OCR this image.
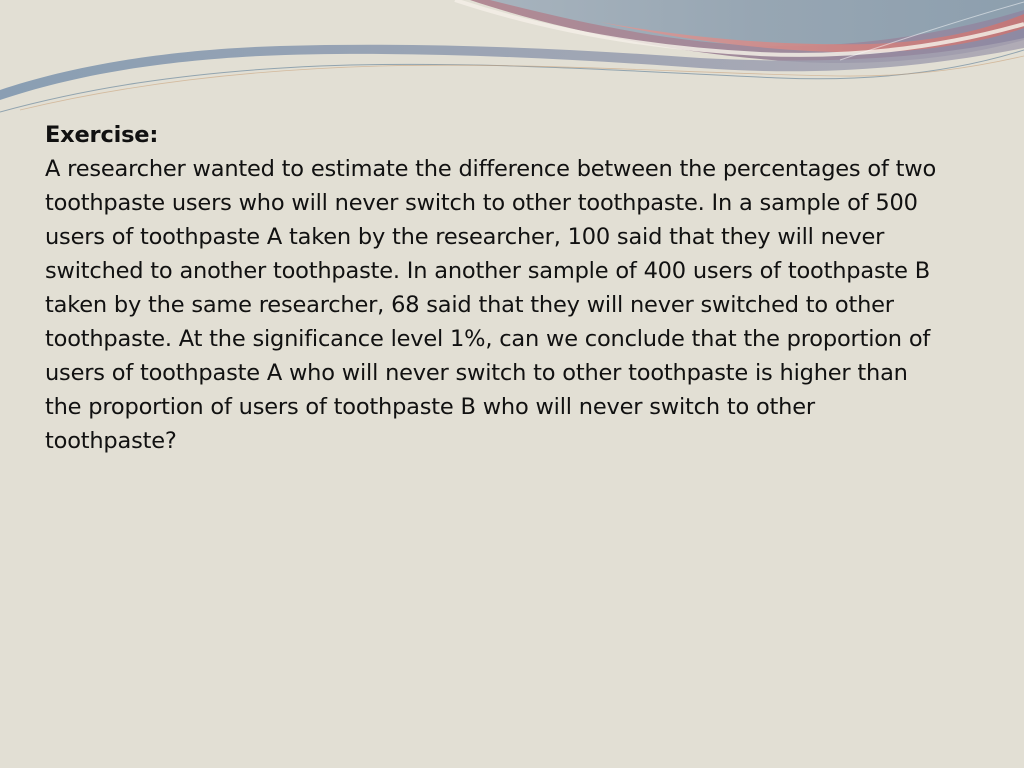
Exercise:
A researcher wanted to estimate the difference between the percentages of two toothpaste users who will never switch to other toothpaste. In a sample of 500 users of toothpaste A taken by the researcher, 100 said that they will never switched to another toothpaste. In another sample of 400 users of toothpaste B taken by the same researcher, 68 said that they will never switched to other toothpaste. At the significance level 1%, can we conclude that the proportion of users of toothpaste A who will never switch to other toothpaste is higher than the proportion of users of toothpaste B who will never switch to other toothpaste?
